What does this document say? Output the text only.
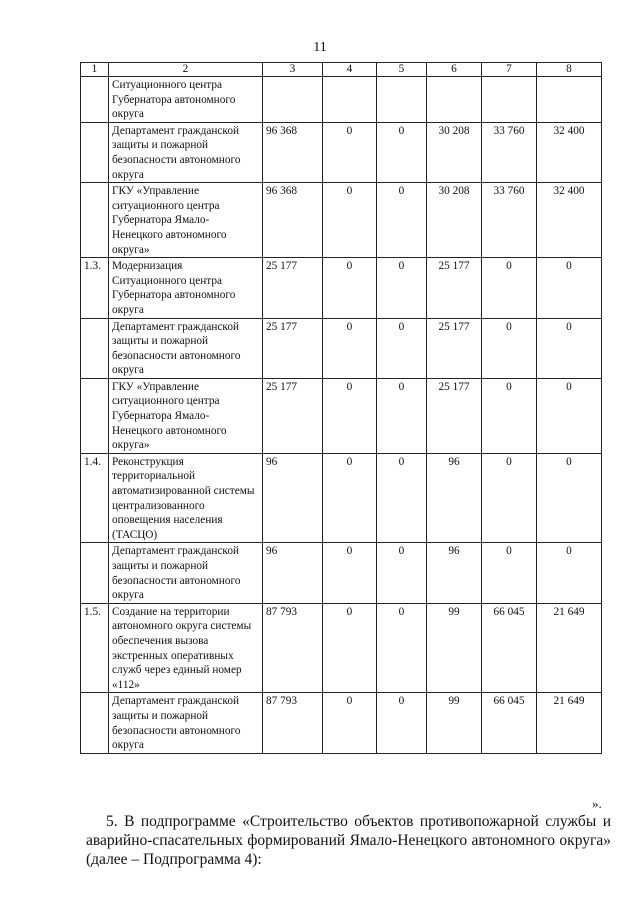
11
1	2	3	4	5	6	7	8
	Ситуационного центра Губернатора автономного округа						
	Департамент гражданской защиты и пожарной безопасности автономного округа	96 368	0	0	30 208	33 760	32 400
	ГКУ «Управление ситуационного центра Губернатора Ямало-Ненецкого автономного округа»	96 368	0	0	30 208	33 760	32 400
1.3.	Модернизация Ситуационного центра Губернатора автономного округа	25 177	0	0	25 177	0	0
	Департамент гражданской защиты и пожарной безопасности автономного округа	25 177	0	0	25 177	0	0
	ГКУ «Управление ситуационного центра Губернатора Ямало-Ненецкого автономного округа»	25 177	0	0	25 177	0	0
1.4.	Реконструкция территориальной автоматизированной системы централизованного оповещения населения (ТАСЦО)	96	0	0	96	0	0
	Департамент гражданской защиты и пожарной безопасности автономного округа	96	0	0	96	0	0
1.5.	Создание на территории автономного округа системы обеспечения вызова экстренных оперативных служб через единый номер «112»	87 793	0	0	99	66 045	21 649
	Департамент гражданской защиты и пожарной безопасности автономного округа	87 793	0	0	99	66 045	21 649
».
5. В подпрограмме «Строительство объектов противопожарной службы и аварийно-спасательных формирований Ямало-Ненецкого автономного округа» (далее – Подпрограмма 4):
